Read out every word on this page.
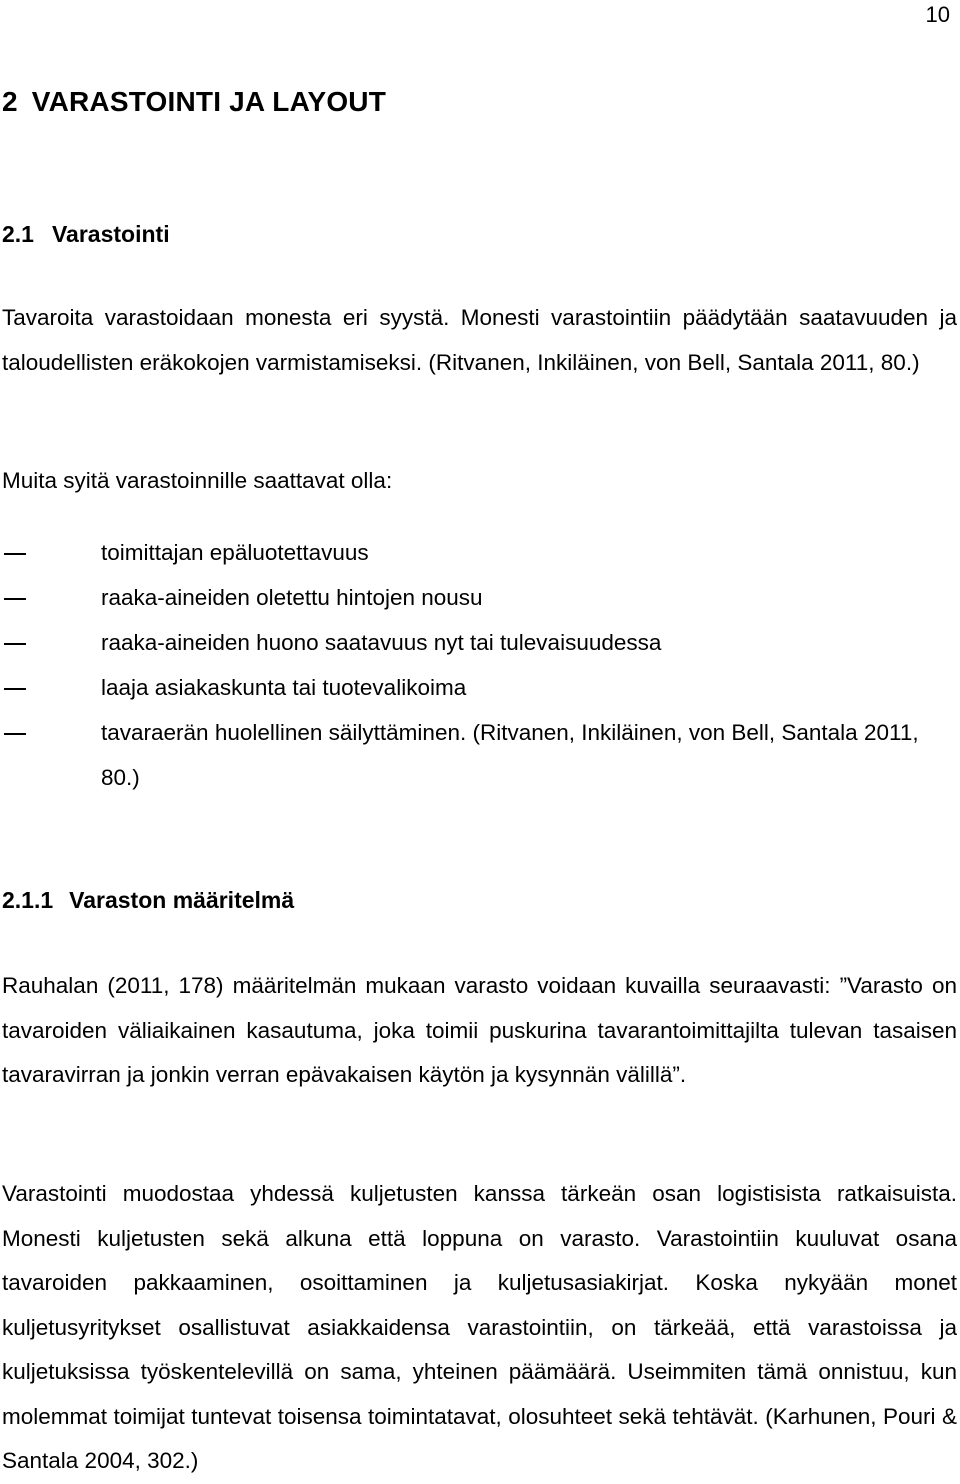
10
2 VARASTOINTI JA LAYOUT
2.1 Varastointi

Tavaroita varastoidaan monesta eri syystä. Monesti varastointiin päädytään saatavuuden ja taloudellisten eräkokojen varmistamiseksi. (Ritvanen, Inkiläinen, von Bell, Santala 2011, 80.)

Muita syitä varastoinnille saattavat olla:

toimittajan epäluotettavuus
raaka-aineiden oletettu hintojen nousu
raaka-aineiden huono saatavuus nyt tai tulevaisuudessa
laaja asiakaskunta tai tuotevalikoima
tavaraerän huolellinen säilyttäminen. (Ritvanen, Inkiläinen, von Bell, Santala 2011, 80.)
2.1.1 Varaston määritelmä

Rauhalan (2011, 178) määritelmän mukaan varasto voidaan kuvailla seuraavasti: ”Varasto on tavaroiden väliaikainen kasautuma, joka toimii puskurina tavarantoimittajilta tulevan tasaisen tavaravirran ja jonkin verran epävakaisen käytön ja kysynnän välillä”.

Varastointi muodostaa yhdessä kuljetusten kanssa tärkeän osan logistisista ratkaisuista. Monesti kuljetusten sekä alkuna että loppuna on varasto. Varastointiin kuuluvat osana tavaroiden pakkaaminen, osoittaminen ja kuljetusasiakirjat. Koska nykyään monet kuljetusyritykset osallistuvat asiakkaidensa varastointiin, on tärkeää, että varastoissa ja kuljetuksissa työskentelevillä on sama, yhteinen päämäärä. Useimmiten tämä onnistuu, kun molemmat toimijat tuntevat toisensa toimintatavat, olosuhteet sekä tehtävät. (Karhunen, Pouri & Santala 2004, 302.)
